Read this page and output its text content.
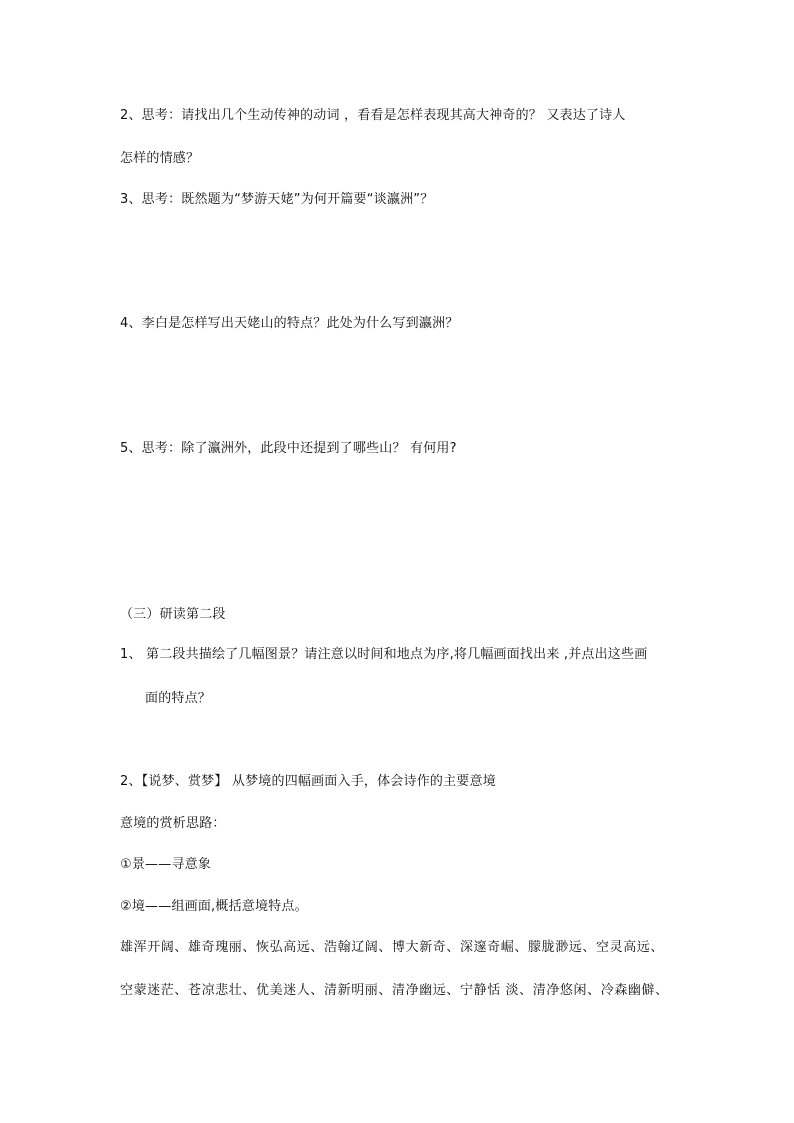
2、思考：请找出几个生动传神的动词 ，看看是怎样表现其高大神奇的？ 又表达了诗人
怎样的情感？
3、思考：既然题为“梦游天姥”为何开篇要“谈瀛洲”？
4、李白是怎样写出天姥山的特点？此处为什么写到瀛洲？
5、思考：除了瀛洲外，此段中还提到了哪些山？ 有何用?
（三）研读第二段
1、 第二段共描绘了几幅图景？请注意以时间和地点为序,将几幅画面找出来 ,并点出这些画
面的特点？
2、【说梦、赏梦】 从梦境的四幅画面入手，体会诗作的主要意境
意境的赏析思路：
①景——寻意象
②境——组画面,概括意境特点。
雄浑开阔、雄奇瑰丽、恢弘高远、浩翰辽阔、博大新奇、深邃奇崛、朦胧渺远、空灵高远、
空蒙迷茫、苍凉悲壮、优美迷人、清新明丽、清净幽远、宁静恬 淡、清净悠闲、冷森幽僻、
